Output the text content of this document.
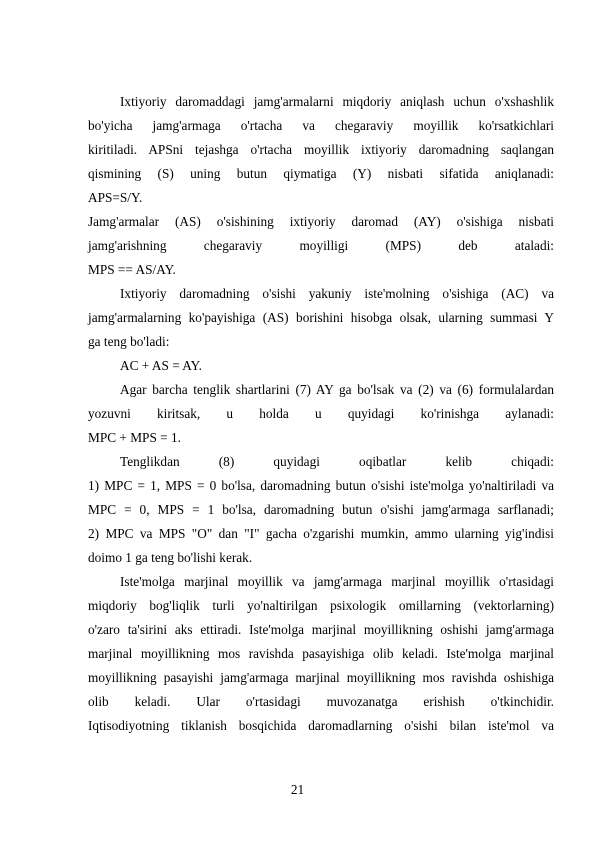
Ixtiyoriy daromaddagi jamg'armalarni miqdoriy aniqlash uchun o'xshashlik
bo'yicha jamg'armaga o'rtacha va chegaraviy moyillik ko'rsatkichlari
kiritiladi. APSni tejashga o'rtacha moyillik ixtiyoriy daromadning saqlangan
qismining (S) uning butun qiymatiga (Y) nisbati sifatida aniqlanadi:
APS=S/Y.
Jamg'armalar (AS) o'sishining ixtiyoriy daromad (AY) o'sishiga nisbati
jamg'arishning chegaraviy moyilligi (MPS) deb ataladi:
MPS == AS/AY.
Ixtiyoriy daromadning o'sishi yakuniy iste'molning o'sishiga (AC) va
jamg'armalarning ko'payishiga (AS) borishini hisobga olsak, ularning summasi Y
ga teng bo'ladi:
AC + AS = AY.
Agar barcha tenglik shartlarini (7) AY ga bo'lsak va (2) va (6) formulalardan
yozuvni kiritsak, u holda u quyidagi ko'rinishga aylanadi:
MPC + MPS = 1.
Tenglikdan (8) quyidagi oqibatlar kelib chiqadi:
1) MPC = 1, MPS = 0 bo'lsa, daromadning butun o'sishi iste'molga yo'naltiriladi va
MPC = 0, MPS = 1 bo'lsa, daromadning butun o'sishi jamg'armaga sarflanadi;
2) MPC va MPS "O" dan "I" gacha o'zgarishi mumkin, ammo ularning yig'indisi
doimo 1 ga teng bo'lishi kerak.
Iste'molga marjinal moyillik va jamg'armaga marjinal moyillik o'rtasidagi
miqdoriy bog'liqlik turli yo'naltirilgan psixologik omillarning (vektorlarning)
o'zaro ta'sirini aks ettiradi. Iste'molga marjinal moyillikning oshishi jamg'armaga
marjinal moyillikning mos ravishda pasayishiga olib keladi. Iste'molga marjinal
moyillikning pasayishi jamg'armaga marjinal moyillikning mos ravishda oshishiga
olib keladi. Ular o'rtasidagi muvozanatga erishish o'tkinchidir.
Iqtisodiyotning tiklanish bosqichida daromadlarning o'sishi bilan iste'mol va
21
